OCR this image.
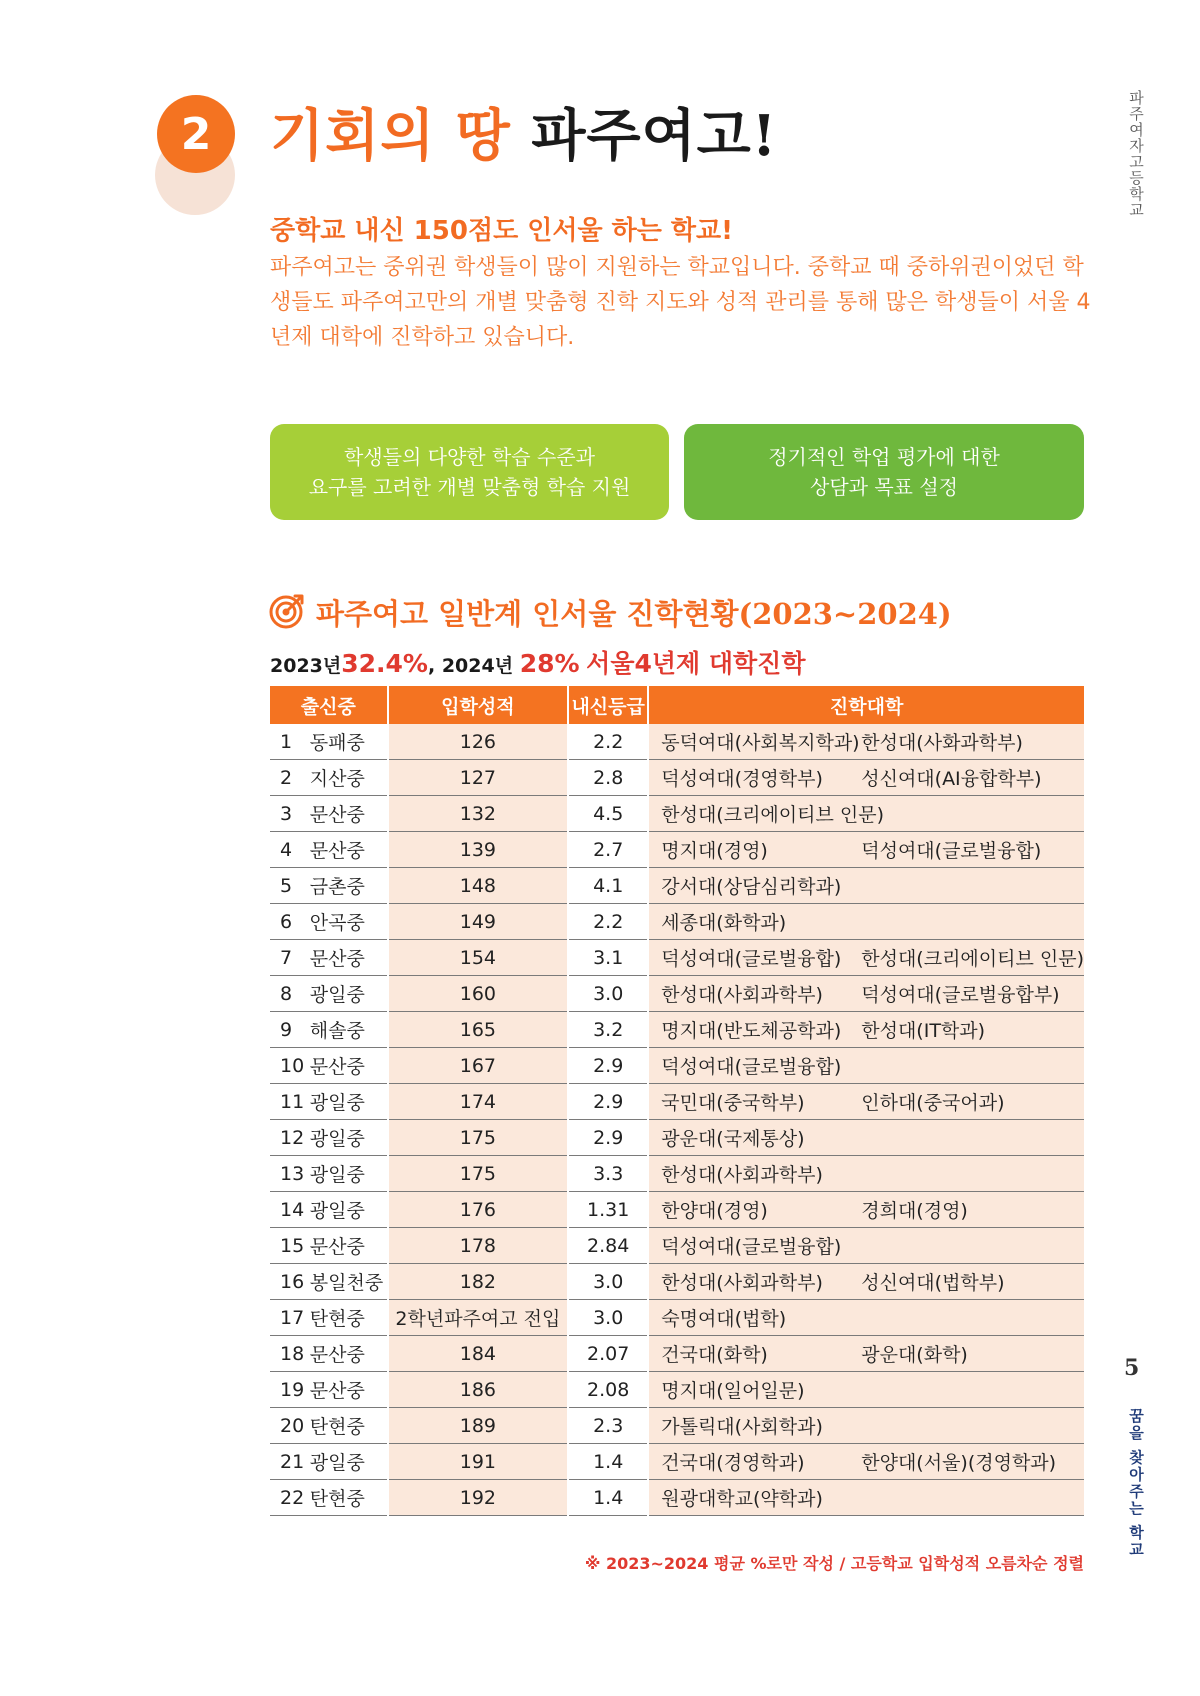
2	기회의 땅 파주여고!	파주여자고등학교
중학교 내신 150점도 인서울 하는 학교!
파주여고는 중위권 학생들이 많이 지원하는 학교입니다. 중학교 때 중하위권이었던 학생들도 파주여고만의 개별 맞춤형 진학 지도와 성적 관리를 통해 많은 학생들이 서울 4년제 대학에 진학하고 있습니다.
학생들의 다양한 학습 수준과
요구를 고려한 개별 맞춤형 학습 지원
정기적인 학업 평가에 대한
상담과 목표 설정
파주여고 일반계 인서울 진학현황(2023~2024)
2023년32.4%, 2024년 28% 서울4년제 대학진학
출신중		입학성적	내신등급	진학대학
1	동패중	126	2.2	동덕여대(사회복지학과)한성대(사화과학부)
2	지산중	127	2.8	덕성여대(경영학부) 성신여대(AI융합학부)
3	문산중	132	4.5	한성대(크리에이티브 인문)
4	문산중	139	2.7	명지대(경영) 덕성여대(글로벌융합)
5	금촌중	148	4.1	강서대(상담심리학과)
6	안곡중	149	2.2	세종대(화학과)
7	문산중	154	3.1	덕성여대(글로벌융합) 한성대(크리에이티브 인문)
8	광일중	160	3.0	한성대(사회과학부) 덕성여대(글로벌융합부)
9	해솔중	165	3.2	명지대(반도체공학과) 한성대(IT학과)
10	문산중	167	2.9	덕성여대(글로벌융합)
11	광일중	174	2.9	국민대(중국학부) 인하대(중국어과)
12	광일중	175	2.9	광운대(국제통상)
13	광일중	175	3.3	한성대(사회과학부)
14	광일중	176	1.31	한양대(경영) 경희대(경영)
15	문산중	178	2.84	덕성여대(글로벌융합)
16	봉일천중	182	3.0	한성대(사회과학부) 성신여대(법학부)
17	탄현중	2학년파주여고 전입	3.0	숙명여대(법학)
18	문산중	184	2.07	건국대(화학) 광운대(화학)
19	문산중	186	2.08	명지대(일어일문)
20	탄현중	189	2.3	가톨릭대(사회학과)
21	광일중	191	1.4	건국대(경영학과) 한양대(서울)(경영학과)
22	탄현중	192	1.4	원광대학교(약학과)
※ 2023~2024 평균 %로만 작성 / 고등학교 입학성적 오름차순 정렬
5
꿈을 찾아주는 학교
